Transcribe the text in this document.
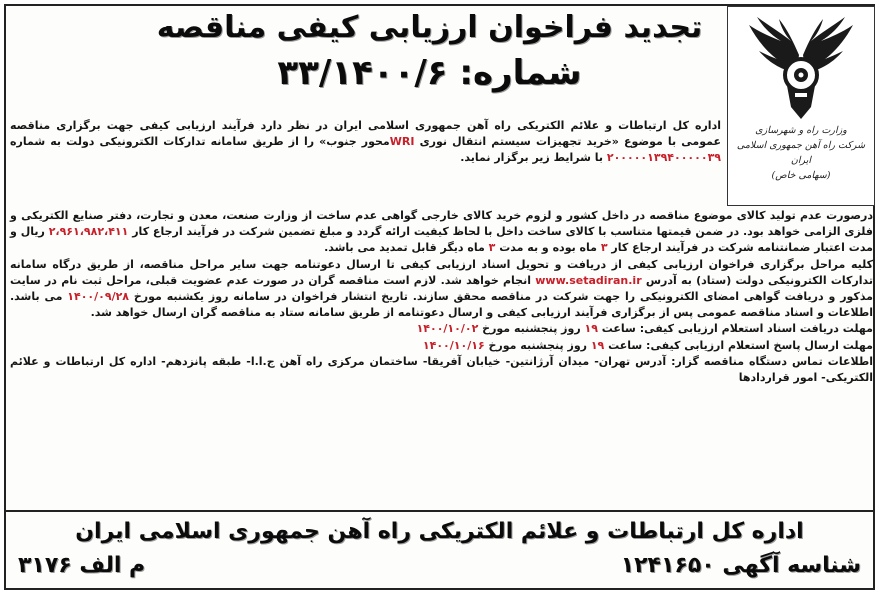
وزارت راه و شهرسازی
شرکت راه آهن جمهوری اسلامی ایران
(سهامی خاص)
تجدید فراخوان ارزیابی کیفی مناقصه
شماره: ۳۳/۱۴۰۰/۶

اداره کل ارتباطات و علائم الکتریکی راه آهن جمهوری اسلامی ایران در نظر دارد فرآیند ارزیابی کیفی جهت برگزاری مناقصه عمومی با موضوع «خرید تجهیزات سیستم انتقال نوری WRIمحور جنوب» را از طریق سامانه تدارکات الکترونیکی دولت به شماره ۲۰۰۰۰۰۱۳۹۴۰۰۰۰۰۳۹ با شرایط زیر برگزار نماید.

درصورت عدم تولید کالای موضوع مناقصه در داخل کشور و لزوم خرید کالای خارجی گواهی عدم ساخت از وزارت صنعت، معدن و تجارت، دفتر صنایع الکتریکی و فلزی الزامی خواهد بود. در ضمن قیمتها متناسب با کالای ساخت داخل با لحاظ کیفیت ارائه گردد و مبلغ تضمین شرکت در فرآیند ارجاع کار ۲،۹۶۱،۹۸۲،۴۱۱ ریال و مدت اعتبار ضمانتنامه شرکت در فرآیند ارجاع کار ۳ ماه بوده و به مدت ۳ ماه دیگر قابل تمدید می باشد.

کلیه مراحل برگزاری فراخوان ارزیابی کیفی از دریافت و تحویل اسناد ارزیابی کیفی تا ارسال دعوتنامه جهت سایر مراحل مناقصه، از طریق درگاه سامانه تدارکات الکترونیکی دولت (ستاد) به آدرس www.setadiran.ir انجام خواهد شد. لازم است مناقصه گران در صورت عدم عضویت قبلی، مراحل ثبت نام در سایت مذکور و دریافت گواهی امضای الکترونیکی را جهت شرکت در مناقصه محقق سازند. تاریخ انتشار فراخوان در سامانه روز یکشنبه مورخ ۱۴۰۰/۰۹/۲۸ می باشد. اطلاعات و اسناد مناقصه عمومی پس از برگزاری فرآیند ارزیابی کیفی و ارسال دعوتنامه از طریق سامانه ستاد به مناقصه گران ارسال خواهد شد.

مهلت دریافت اسناد استعلام ارزیابی کیفی: ساعت ۱۹ روز پنجشنبه مورخ ۱۴۰۰/۱۰/۰۲

مهلت ارسال پاسخ استعلام ارزیابی کیفی: ساعت ۱۹ روز پنجشنبه مورخ ۱۴۰۰/۱۰/۱۶

اطلاعات تماس دستگاه مناقصه گزار: آدرس تهران- میدان آرژانتین- خیابان آفریقا- ساختمان مرکزی راه آهن ج.ا.ا- طبقه پانزدهم- اداره کل ارتباطات و علائم الکتریکی- امور قراردادها

اداره کل ارتباطات و علائم الکتریکی راه آهن جمهوری اسلامی ایران
شناسه آگهی ۱۲۴۱۶۵۰
م الف ۳۱۷۶
